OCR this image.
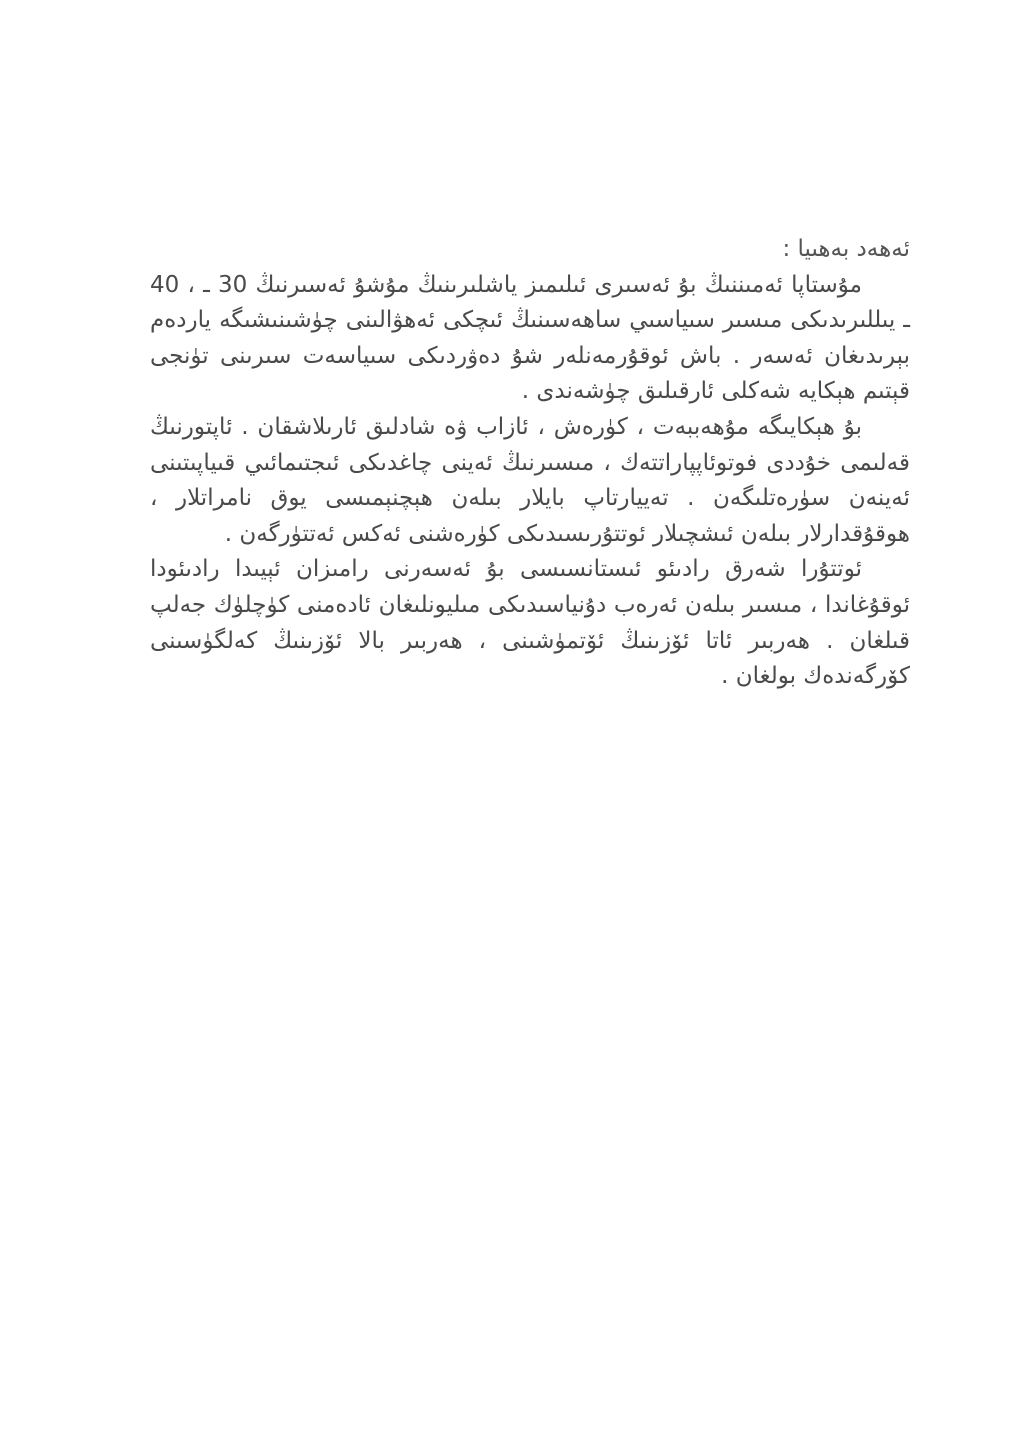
ئەھەد بەھىيا :

مۇستاپا ئەمىننىڭ بۇ ئەسىرى ئىلىمىز ياشلىرىنىڭ مۇشۇ ئەسىرنىڭ 30 ـ ، 40 ـ يىللىرىدىكى مىسىر سىياسىي ساھەسىنىڭ ئىچكى ئەھۋالىنى چۈشىنىشىگە ياردەم بېرىدىغان ئەسەر . باش ئوقۇرمەنلەر شۇ دەۋردىكى سىياسەت سىرىنى تۈنجى قېتىم ھېكايە شەكلى ئارقىلىق چۈشەندى .

بۇ ھېكايىگە مۇھەببەت ، كۈرەش ، ئازاب ۋە شادلىق ئارىلاشقان . ئاپتورنىڭ قەلىمى خۇددى فوتوئاپپاراتتەك ، مىسىرنىڭ ئەينى چاغدىكى ئىجتىمائىي قىياپىتىنى ئەينەن سۈرەتلىگەن . تەييارتاپ بايلار بىلەن ھېچنېمىسى يوق نامراتلار ، ھوقۇقدارلار بىلەن ئىشچىلار ئوتتۇرىسىدىكى كۈرەشنى ئەكس ئەتتۈرگەن .

ئوتتۇرا شەرق رادىئو ئىستانسىسى بۇ ئەسەرنى رامىزان ئېيىدا رادىئودا ئوقۇغاندا ، مىسىر بىلەن ئەرەب دۇنياسىدىكى مىليونلىغان ئادەمنى كۈچلۈك جەلپ قىلغان . ھەربىر ئاتا ئۆزىنىڭ ئۆتمۈشىنى ، ھەربىر بالا ئۆزىنىڭ كەلگۈسىنى كۆرگەندەك بولغان .
